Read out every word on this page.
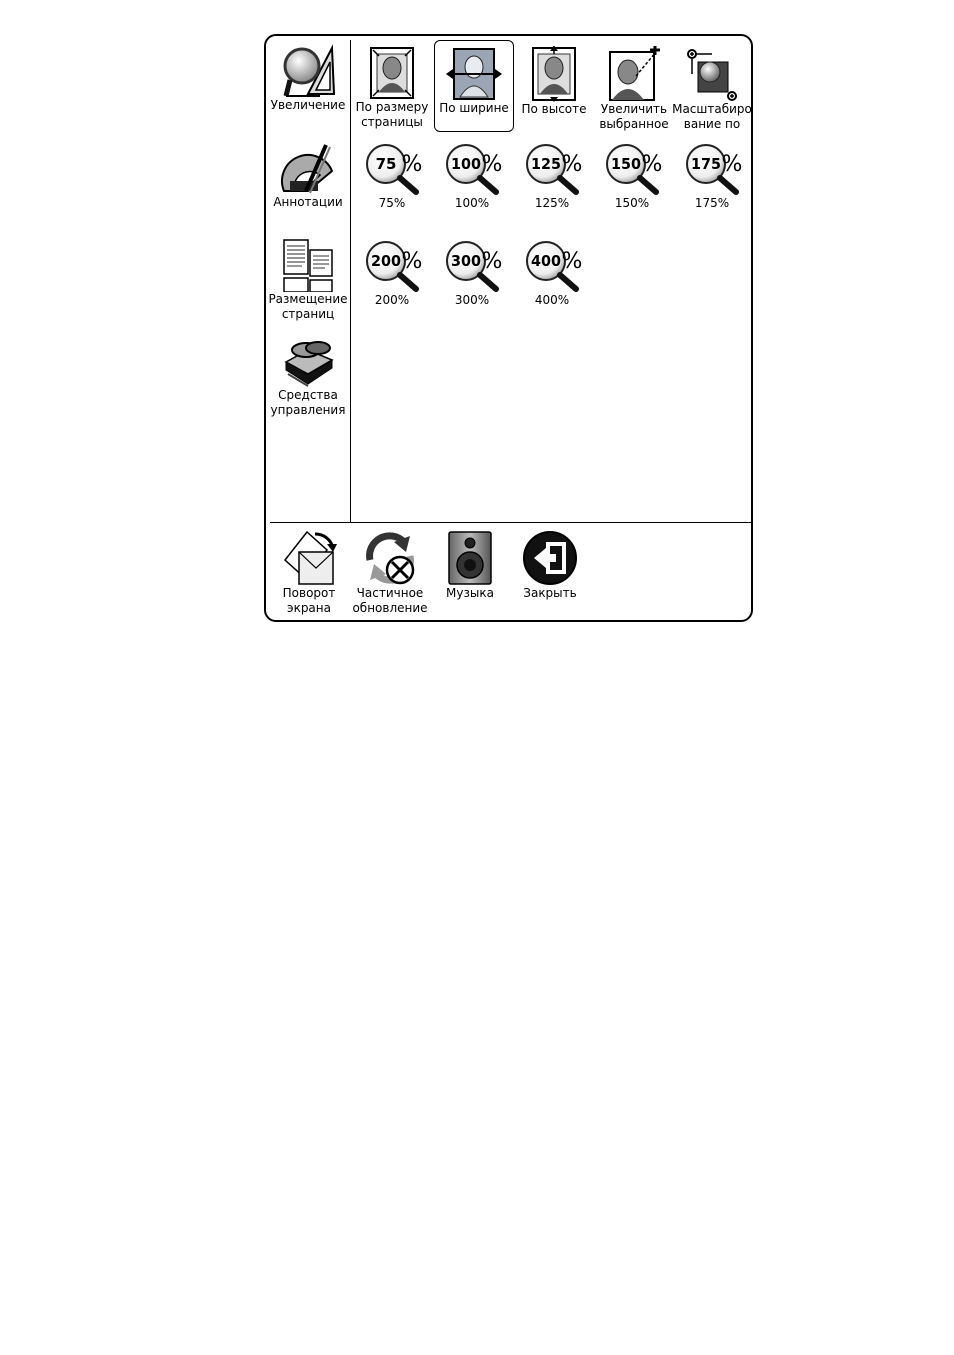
Увеличение
Аннотации
Размещение
страниц
Средства
управления
По размеру
страницы
По ширине	По высоте	Увеличить
выбранное
Масштабиро
вание по
Поворот
экрана
Частичное
обновление
Музыка	Закрыть
75 %
75%
100 %
100%
125 %
125%
150 %
150%
175 %
175%
200 %
200%
300 %
300%
400 %
400%
